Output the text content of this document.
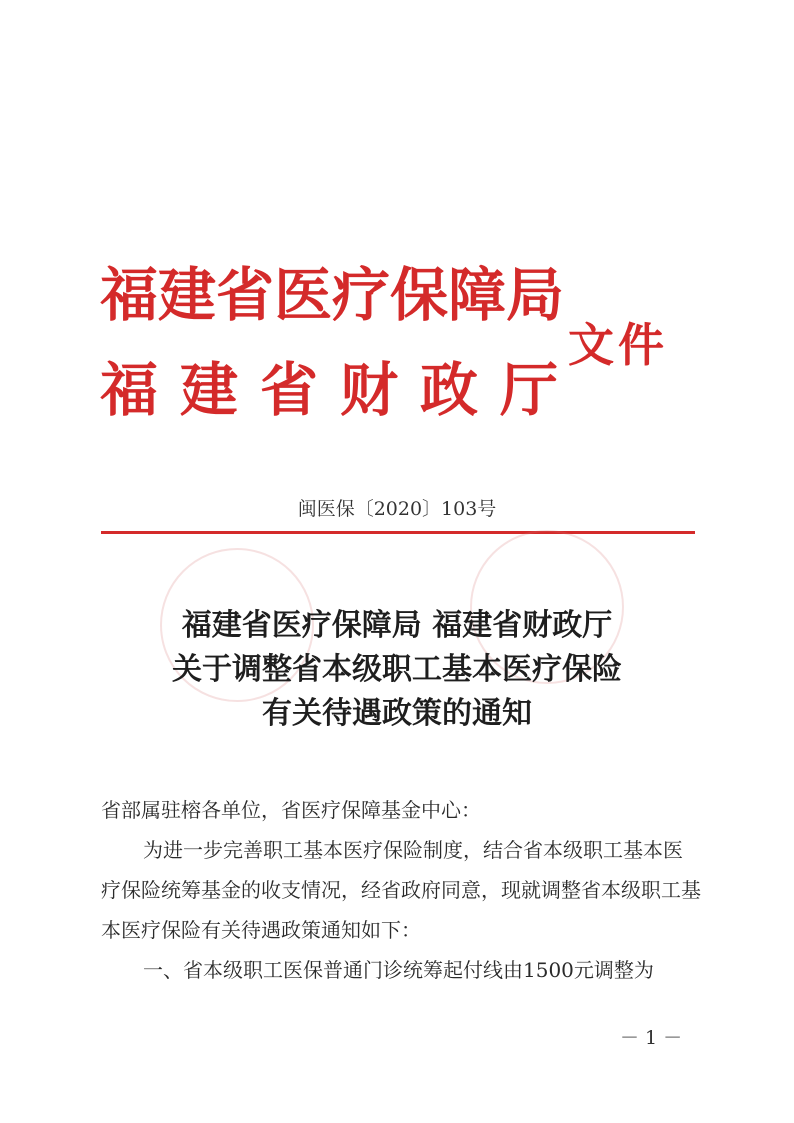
福建省医疗保障局
福建省财政厅
文件
闽医保〔2020〕103号
福建省医疗保障局 福建省财政厅
关于调整省本级职工基本医疗保险
有关待遇政策的通知

省部属驻榕各单位，省医疗保障基金中心：

为进一步完善职工基本医疗保险制度，结合省本级职工基本医疗保险统筹基金的收支情况，经省政府同意，现就调整省本级职工基本医疗保险有关待遇政策通知如下：

一、省本级职工医保普通门诊统筹起付线由1500元调整为

－ 1 －
